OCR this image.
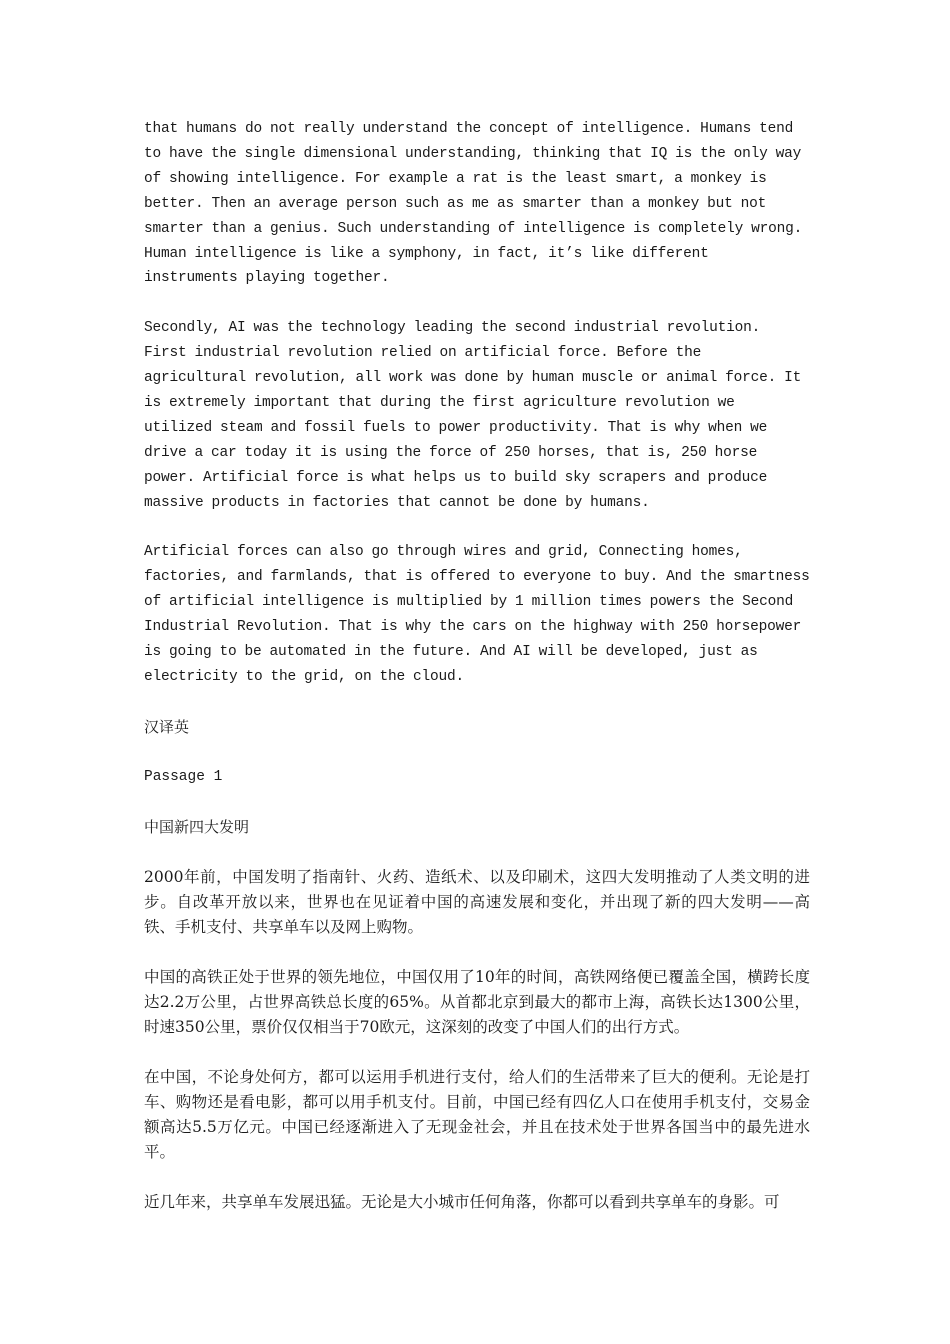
that humans do not really understand the concept of intelligence. Humans tend to have the single dimensional understanding, thinking that IQ is the only way of showing intelligence. For example a rat is the least smart, a monkey is better. Then an average person such as me as smarter than a monkey but not smarter than a genius. Such understanding of intelligence is completely wrong. Human intelligence is like a symphony, in fact, it’s like different instruments playing together.

Secondly, AI was the technology leading the second industrial revolution. First industrial revolution relied on artificial force. Before the agricultural revolution, all work was done by human muscle or animal force. It is extremely important that during the first agriculture revolution we utilized steam and fossil fuels to power productivity. That is why when we drive a car today it is using the force of 250 horses, that is, 250 horse power. Artificial force is what helps us to build sky scrapers and produce massive products in factories that cannot be done by humans.

Artificial forces can also go through wires and grid, Connecting homes, factories, and farmlands, that is offered to everyone to buy. And the smartness of artificial intelligence is multiplied by 1 million times powers the Second Industrial Revolution. That is why the cars on the highway with 250 horsepower is going to be automated in the future. And AI will be developed, just as electricity to the grid, on the cloud.

汉译英

Passage 1

中国新四大发明

2000年前，中国发明了指南针、火药、造纸术、以及印刷术，这四大发明推动了人类文明的进步。自改革开放以来，世界也在见证着中国的高速发展和变化，并出现了新的四大发明——高铁、手机支付、共享单车以及网上购物。

中国的高铁正处于世界的领先地位，中国仅用了10年的时间，高铁网络便已覆盖全国，横跨长度达2.2万公里，占世界高铁总长度的65%。从首都北京到最大的都市上海，高铁长达1300公里，时速350公里，票价仅仅相当于70欧元，这深刻的改变了中国人们的出行方式。

在中国，不论身处何方，都可以运用手机进行支付，给人们的生活带来了巨大的便利。无论是打车、购物还是看电影，都可以用手机支付。目前，中国已经有四亿人口在使用手机支付，交易金额高达5.5万亿元。中国已经逐渐进入了无现金社会，并且在技术处于世界各国当中的最先进水平。

近几年来，共享单车发展迅猛。无论是大小城市任何角落，你都可以看到共享单车的身影。可
